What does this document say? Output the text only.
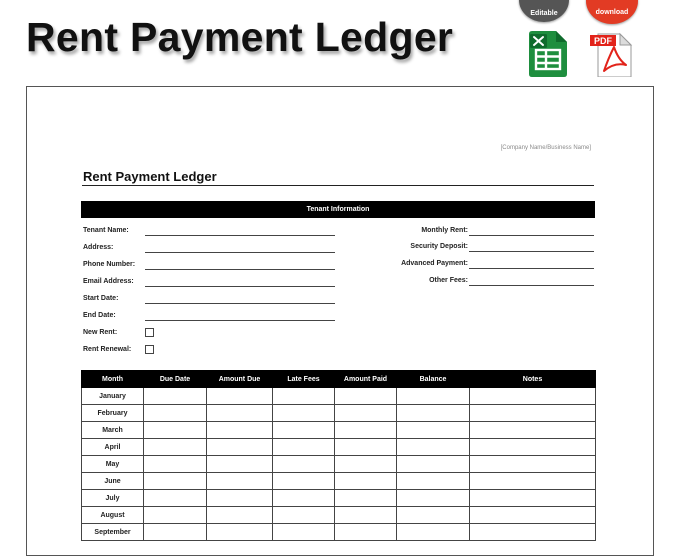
Rent Payment Ledger
Editable	download
PDF
[Company Name/Business Name]
Rent Payment Ledger
Tenant Information
Tenant Name:
Address:
Phone Number:
Email Address:
Start Date:
End Date:
New Rent:
Rent Renewal:
Monthly Rent:
Security Deposit:
Advanced Payment:
Other Fees:
Month	Due Date	Amount Due	Late Fees	Amount Paid	Balance	Notes
January						
February						
March						
April						
May						
June						
July						
August						
September						
